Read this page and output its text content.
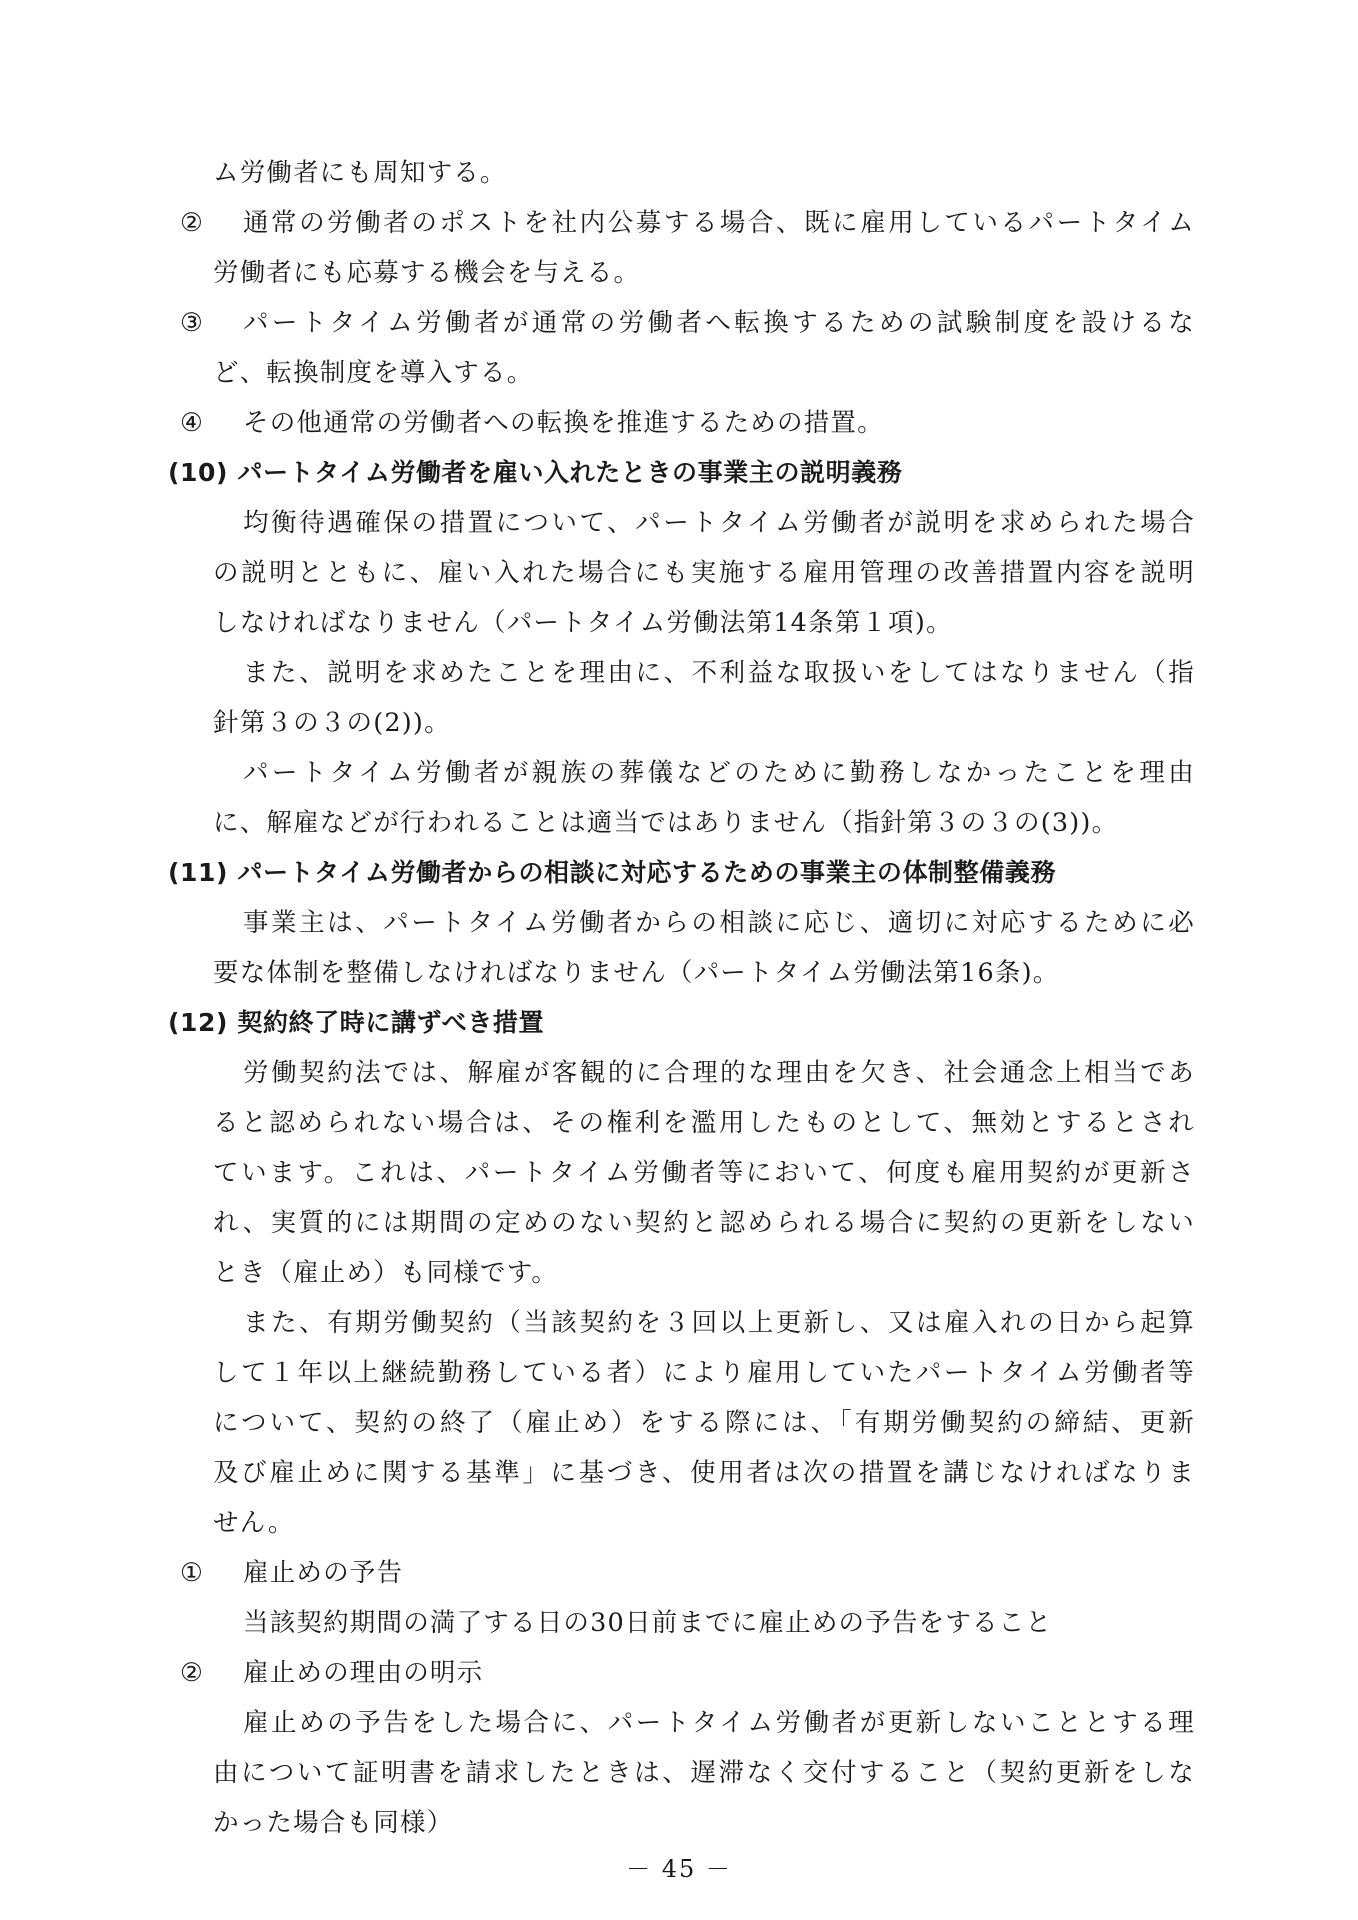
ム労働者にも周知する。
② 通常の労働者のポストを社内公募する場合、既に雇用しているパートタイム
労働者にも応募する機会を与える。
③ パートタイム労働者が通常の労働者へ転換するための試験制度を設けるな
ど、転換制度を導入する。
④ その他通常の労働者への転換を推進するための措置。
(10) パートタイム労働者を雇い入れたときの事業主の説明義務
均衡待遇確保の措置について、パートタイム労働者が説明を求められた場合
の説明とともに、雇い入れた場合にも実施する雇用管理の改善措置内容を説明
しなければなりません（パートタイム労働法第14条第１項)。
また、説明を求めたことを理由に、不利益な取扱いをしてはなりません（指
針第３の３の(2))。
パートタイム労働者が親族の葬儀などのために勤務しなかったことを理由
に、解雇などが行われることは適当ではありません（指針第３の３の(3))。
(11) パートタイム労働者からの相談に対応するための事業主の体制整備義務
事業主は、パートタイム労働者からの相談に応じ、適切に対応するために必
要な体制を整備しなければなりません（パートタイム労働法第16条)。
(12) 契約終了時に講ずべき措置
労働契約法では、解雇が客観的に合理的な理由を欠き、社会通念上相当であ
ると認められない場合は、その権利を濫用したものとして、無効とするとされ
ています。これは、パートタイム労働者等において、何度も雇用契約が更新さ
れ、実質的には期間の定めのない契約と認められる場合に契約の更新をしない
とき（雇止め）も同様です。
また、有期労働契約（当該契約を３回以上更新し、又は雇入れの日から起算
して１年以上継続勤務している者）により雇用していたパートタイム労働者等
について、契約の終了（雇止め）をする際には、「有期労働契約の締結、更新
及び雇止めに関する基準」に基づき、使用者は次の措置を講じなければなりま
せん。
① 雇止めの予告
当該契約期間の満了する日の30日前までに雇止めの予告をすること
② 雇止めの理由の明示
雇止めの予告をした場合に、パートタイム労働者が更新しないこととする理
由について証明書を請求したときは、遅滞なく交付すること（契約更新をしな
かった場合も同様）
－ 45 －
